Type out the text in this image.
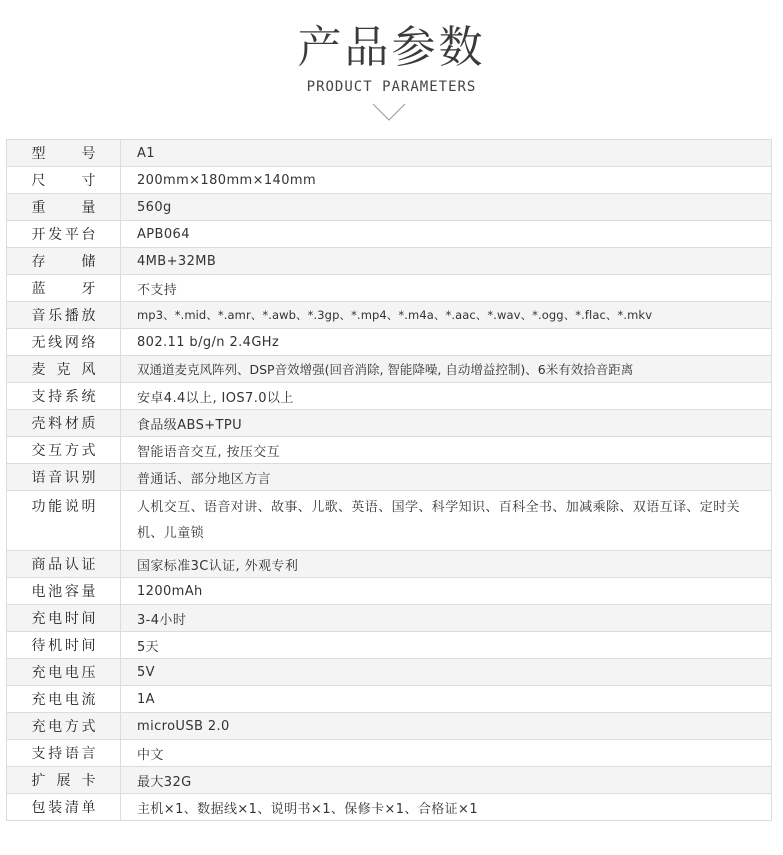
产品参数
PRODUCT PARAMETERS
型号	A1
尺寸	200mm×180mm×140mm
重量	560g
开发平台	APB064
存储	4MB+32MB
蓝牙	不支持
音乐播放	mp3、*.mid、*.amr、*.awb、*.3gp、*.mp4、*.m4a、*.aac、*.wav、*.ogg、*.flac、*.mkv
无线网络	802.11 b/g/n 2.4GHz
麦克风	双通道麦克风阵列、DSP音效增强(回音消除, 智能降噪, 自动增益控制)、6米有效拾音距离
支持系统	安卓4.4以上, IOS7.0以上
壳料材质	食品级ABS+TPU
交互方式	智能语音交互, 按压交互
语音识别	普通话、部分地区方言
功能说明	人机交互、语音对讲、故事、儿歌、英语、国学、科学知识、百科全书、加减乘除、双语互译、定时关机、儿童锁
商品认证	国家标准3C认证, 外观专利
电池容量	1200mAh
充电时间	3-4小时
待机时间	5天
充电电压	5V
充电电流	1A
充电方式	microUSB 2.0
支持语言	中文
扩展卡	最大32G
包装清单	主机×1、数据线×1、说明书×1、保修卡×1、合格证×1
